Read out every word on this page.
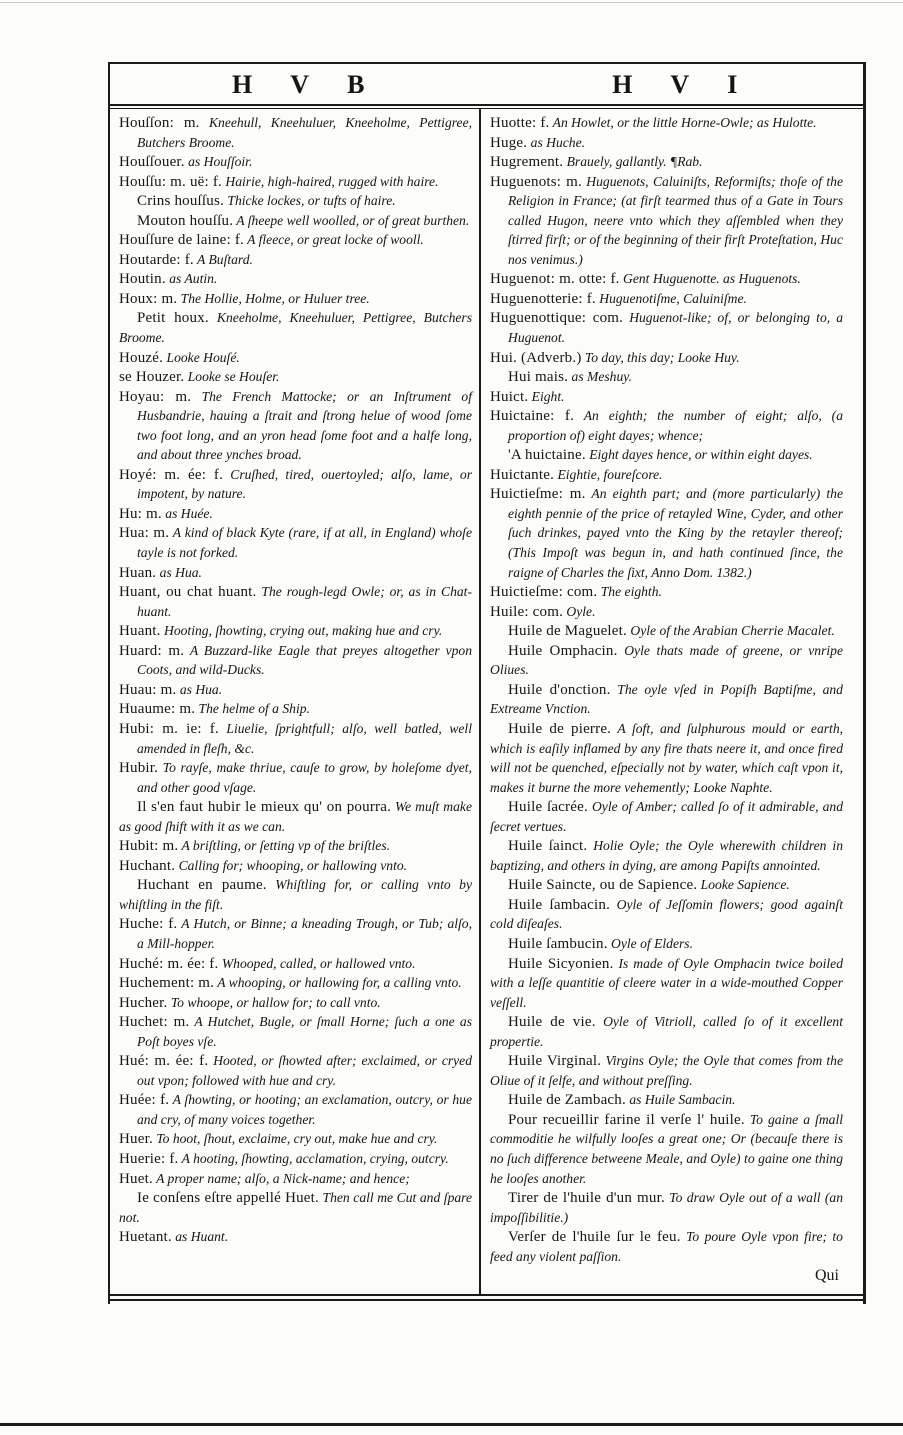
H V B	H V I
Houſſon: m. Kneehull, Kneehuluer, Kneeholme, Pettigree, Butchers Broome.
Houſſouer. as Houſſoir.
Houſſu: m. uë: f. Hairie, high-haired, rugged with haire.
Crins houſſus. Thicke lockes, or tufts of haire.
Mouton houſſu. A ſheepe well woolled, or of great burthen.
Houſſure de laine: f. A fleece, or great locke of wooll.
Houtarde: f. A Buſtard.
Houtin. as Autin.
Houx: m. The Hollie, Holme, or Huluer tree.
Petit houx. Kneeholme, Kneehuluer, Pettigree, Butchers Broome.
Houzé. Looke Houſé.
se Houzer. Looke se Houſer.
Hoyau: m. The French Mattocke; or an Inſtrument of Husbandrie, hauing a ſtrait and ſtrong helue of wood ſome two foot long, and an yron head ſome foot and a halfe long, and about three ynches broad.
Hoyé: m. ée: f. Cruſhed, tired, ouertoyled; alſo, lame, or impotent, by nature.
Hu: m. as Huée.
Hua: m. A kind of black Kyte (rare, if at all, in England) whoſe tayle is not forked.
Huan. as Hua.
Huant, ou chat huant. The rough-legd Owle; or, as in Chat-huant.
Huant. Hooting, ſhowting, crying out, making hue and cry.
Huard: m. A Buzzard-like Eagle that preyes altogether vpon Coots, and wild-Ducks.
Huau: m. as Hua.
Huaume: m. The helme of a Ship.
Hubi: m. ie: f. Liuelie, ſprightfull; alſo, well batled, well amended in fleſh, &c.
Hubir. To rayſe, make thriue, cauſe to grow, by holeſome dyet, and other good vſage.
Il s'en faut hubir le mieux qu' on pourra. We muſt make as good ſhift with it as we can.
Hubit: m. A briſtling, or ſetting vp of the briſtles.
Huchant. Calling for; whooping, or hallowing vnto.
Huchant en paume. Whiſtling for, or calling vnto by whiſtling in the fiſt.
Huche: f. A Hutch, or Binne; a kneading Trough, or Tub; alſo, a Mill-hopper.
Huché: m. ée: f. Whooped, called, or hallowed vnto.
Huchement: m. A whooping, or hallowing for, a calling vnto.
Hucher. To whoope, or hallow for; to call vnto.
Huchet: m. A Hutchet, Bugle, or ſmall Horne; ſuch a one as Poſt boyes vſe.
Hué: m. ée: f. Hooted, or ſhowted after; exclaimed, or cryed out vpon; followed with hue and cry.
Huée: f. A ſhowting, or hooting; an exclamation, outcry, or hue and cry, of many voices together.
Huer. To hoot, ſhout, exclaime, cry out, make hue and cry.
Huerie: f. A hooting, ſhowting, acclamation, crying, outcry.
Huet. A proper name; alſo, a Nick-name; and hence;
Ie conſens eſtre appellé Huet. Then call me Cut and ſpare not.
Huetant. as Huant.
Huotte: f. An Howlet, or the little Horne-Owle; as Hulotte.
Huge. as Huche.
Hugrement. Brauely, gallantly. ¶Rab.
Huguenots: m. Huguenots, Caluiniſts, Reformiſts; thoſe of the Religion in France; (at firſt tearmed thus of a Gate in Tours called Hugon, neere vnto which they aſſembled when they ſtirred firſt; or of the beginning of their firſt Proteſtation, Huc nos venimus.)
Huguenot: m. otte: f. Gent Huguenotte. as Huguenots.
Huguenotterie: f. Huguenotiſme, Caluiniſme.
Huguenottique: com. Huguenot-like; of, or belonging to, a Huguenot.
Hui. (Adverb.) To day, this day; Looke Huy.
Hui mais. as Meshuy.
Huict. Eight.
Huictaine: f. An eighth; the number of eight; alſo, (a proportion of) eight dayes; whence;
'A huictaine. Eight dayes hence, or within eight dayes.
Huictante. Eightie, foureſcore.
Huictieſme: m. An eighth part; and (more particularly) the eighth pennie of the price of retayled Wine, Cyder, and other ſuch drinkes, payed vnto the King by the retayler thereof; (This Impoſt was begun in, and hath continued ſince, the raigne of Charles the ſixt, Anno Dom. 1382.)
Huictieſme: com. The eighth.
Huile: com. Oyle.
Huile de Maguelet. Oyle of the Arabian Cherrie Macalet.
Huile Omphacin. Oyle thats made of greene, or vnripe Oliues.
Huile d'onction. The oyle vſed in Popiſh Baptiſme, and Extreame Vnction.
Huile de pierre. A ſoft, and ſulphurous mould or earth, which is eaſily inflamed by any fire thats neere it, and once fired will not be quenched, eſpecially not by water, which caſt vpon it, makes it burne the more vehemently; Looke Naphte.
Huile ſacrée. Oyle of Amber; called ſo of it admirable, and ſecret vertues.
Huile ſainct. Holie Oyle; the Oyle wherewith children in baptizing, and others in dying, are among Papiſts annointed.
Huile Saincte, ou de Sapience. Looke Sapience.
Huile ſambacin. Oyle of Jeſſomin flowers; good againſt cold diſeaſes.
Huile ſambucin. Oyle of Elders.
Huile Sicyonien. Is made of Oyle Omphacin twice boiled with a leſſe quantitie of cleere water in a wide-mouthed Copper veſſell.
Huile de vie. Oyle of Vitrioll, called ſo of it excellent propertie.
Huile Virginal. Virgins Oyle; the Oyle that comes from the Oliue of it ſelfe, and without preſſing.
Huile de Zambach. as Huile Sambacin.
Pour recueillir farine il verſe l' huile. To gaine a ſmall commoditie he wilfully looſes a great one; Or (becauſe there is no ſuch difference betweene Meale, and Oyle) to gaine one thing he looſes another.
Tirer de l'huile d'un mur. To draw Oyle out of a wall (an impoſſibilitie.)
Verſer de l'huile ſur le feu. To poure Oyle vpon fire; to feed any violent paſſion.
Qui
